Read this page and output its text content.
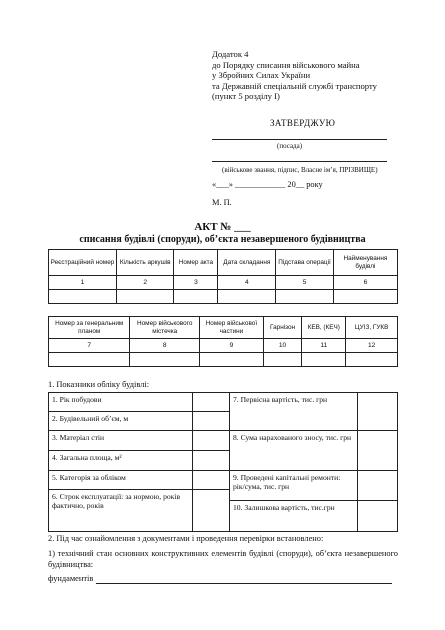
Додаток 4
до Порядку списання військового майна
у Збройних Силах України
та Державній спеціальній службі транспорту
(пункт 5 розділу I)
ЗАТВЕРДЖУЮ
(посада)
(військове звання, підпис, Власне ім’я, ПРІЗВИЩЕ)
«___» ____________ 20__ року
М. П.
АКТ № ___
списання будівлі (споруди), об’єкта незавершеного будівництва
Реєстраційний номер	Кількість аркушів	Номер акта	Дата складання	Підстава операції	Найменування будівлі
1	2	3	4	5	6

Номер за генеральним планом	Номер військового містечка	Номер військової частини	Гарнізон	КЕВ, (КЕЧ)	ЦУІЗ, ГУКВ
7	8	9	10	11	12

1. Показники обліку будівлі:
1. Рік побудови		7. Первісна вартість, тис. грн	
2. Будівельний об’єм, м			
3. Матеріал стін		8. Сума нарахованого зносу, тис. грн	
4. Загальна площа, м²			
5. Категорія за обліком		9. Проведені капітальні ремонти: рік/сума, тис. грн	
6. Строк експлуатації: за нормою, років фактично, років			
		10. Залишкова вартість, тис.грн	
2. Під час ознайомлення з документами і проведення перевірки встановлено:
1) технічний стан основних конструктивних елементів будівлі (споруди), об’єкта незавершеного будівництва:
фундаментів
